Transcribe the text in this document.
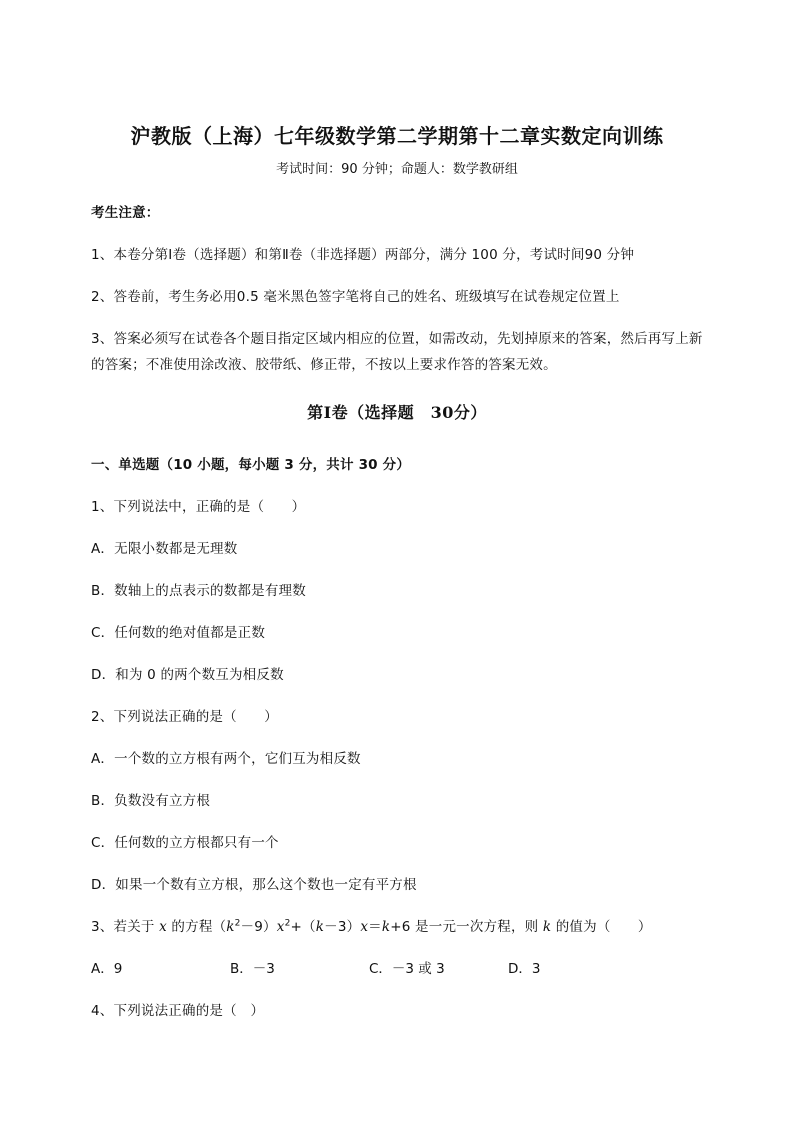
沪教版（上海）七年级数学第二学期第十二章实数定向训练
考试时间：90 分钟；命题人：数学教研组
考生注意：
1、本卷分第Ⅰ卷（选择题）和第Ⅱ卷（非选择题）两部分，满分 100 分，考试时间90 分钟
2、答卷前，考生务必用0.5 毫米黑色签字笔将自己的姓名、班级填写在试卷规定位置上
3、答案必须写在试卷各个题目指定区域内相应的位置，如需改动，先划掉原来的答案，然后再写上新
的答案；不准使用涂改液、胶带纸、修正带，不按以上要求作答的答案无效。
第Ⅰ卷（选择题　30分）
一、单选题（10 小题，每小题 3 分，共计 30 分）
1、下列说法中，正确的是（　　）
A．无限小数都是无理数
B．数轴上的点表示的数都是有理数
C．任何数的绝对值都是正数
D．和为 0 的两个数互为相反数
2、下列说法正确的是（　　）
A．一个数的立方根有两个，它们互为相反数
B．负数没有立方根
C．任何数的立方根都只有一个
D．如果一个数有立方根，那么这个数也一定有平方根
3、若关于 x 的方程$(k^2-9)x^2+(k-3)x=k+6$ 是一元一次方程，则 k 的值为（　　）
A．9	B．－3	C．－3 或 3	D．3
4、下列说法正确的是（　）
